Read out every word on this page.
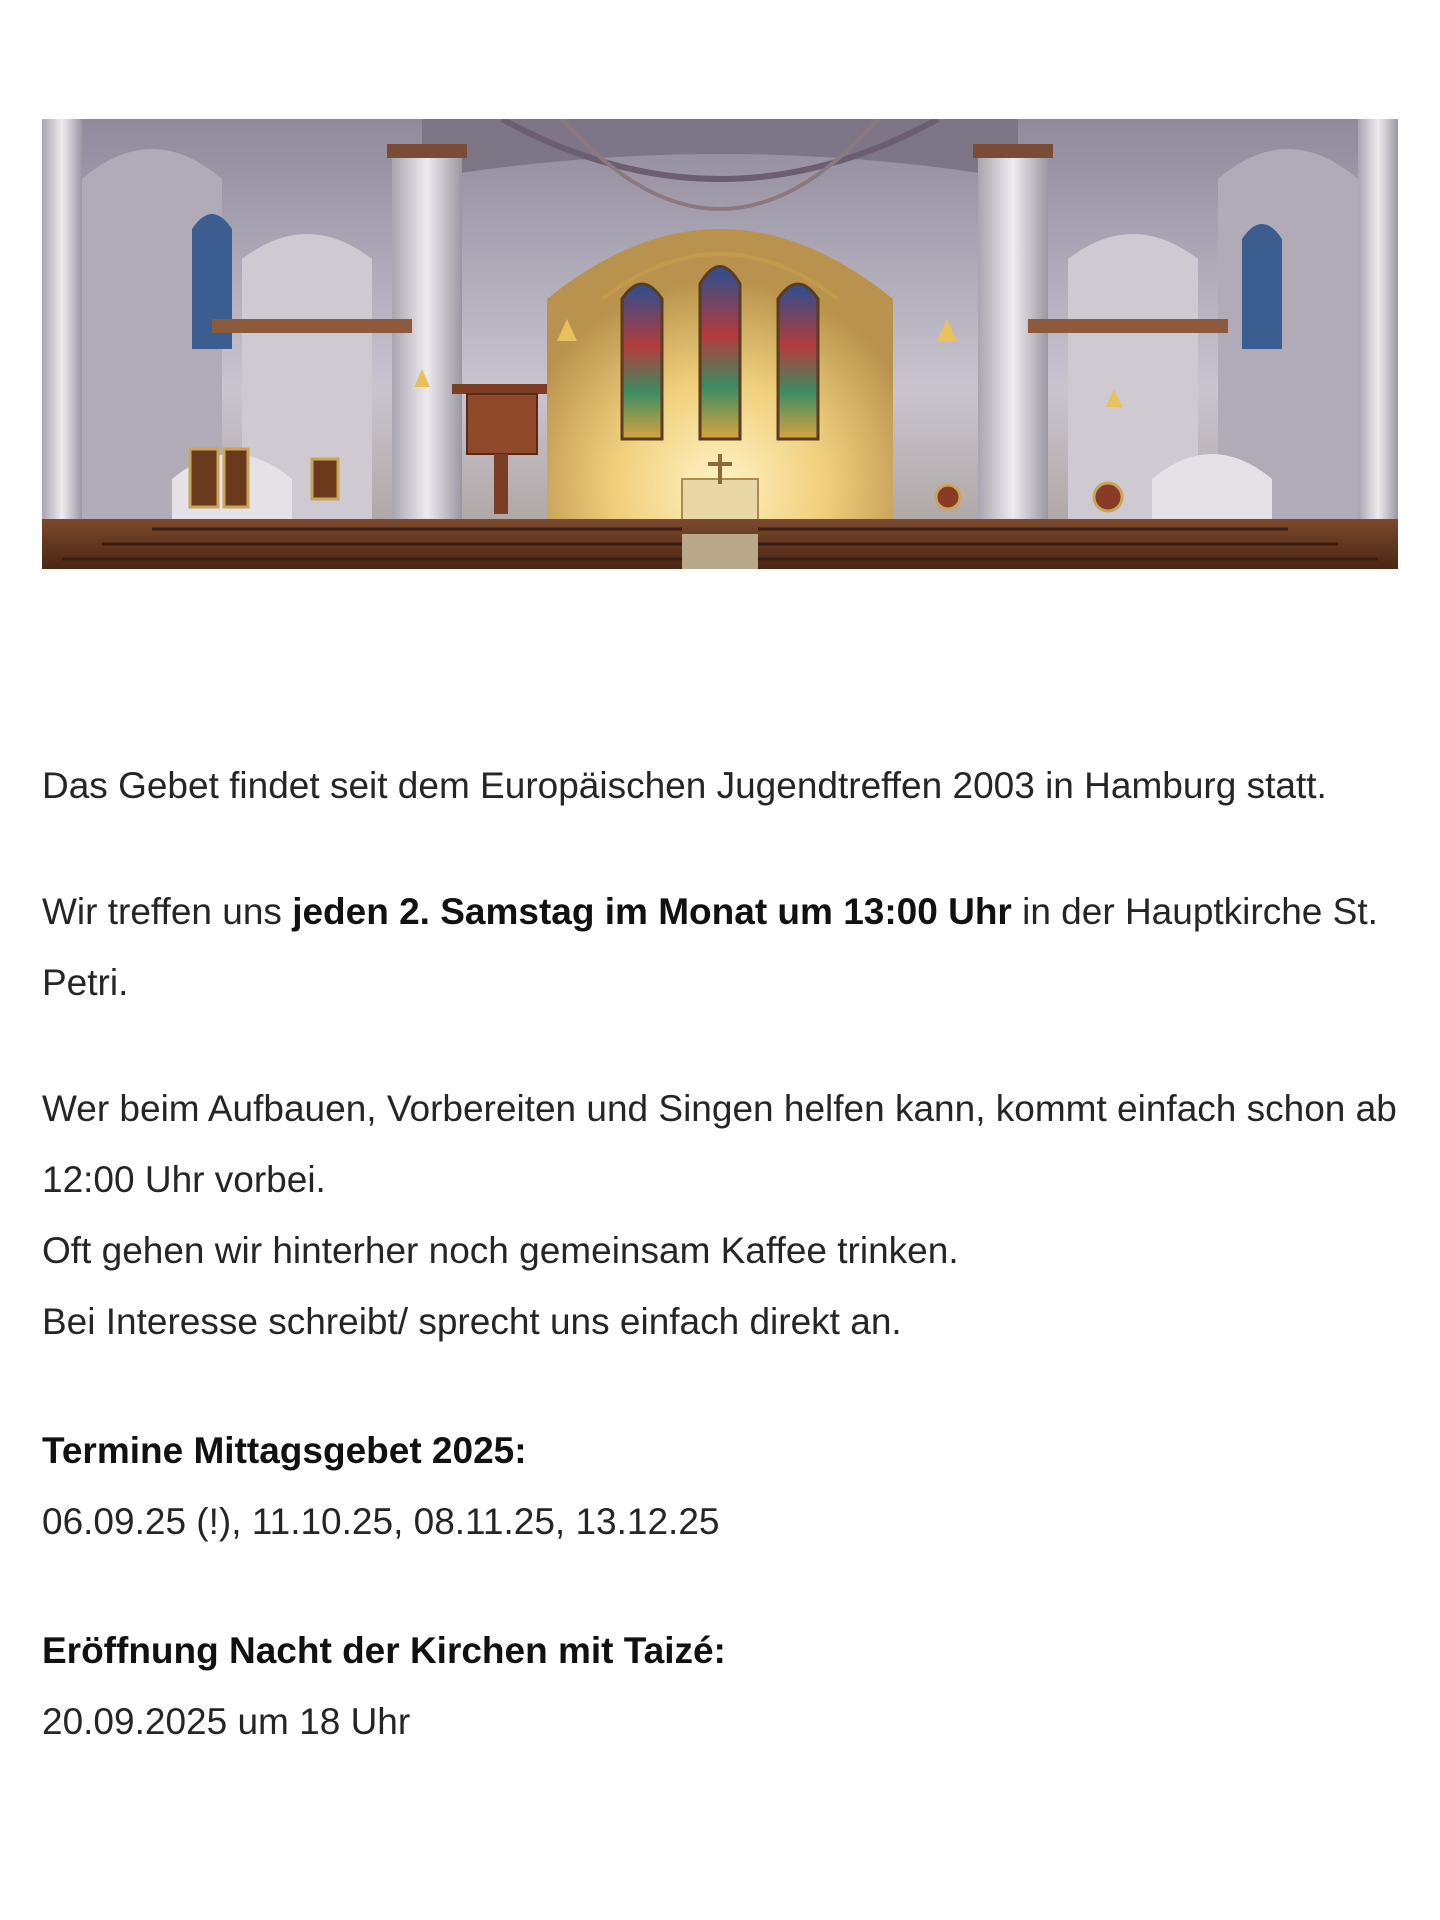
Das Gebet findet seit dem Europäischen Jugendtreffen 2003 in Hamburg statt.

Wir treffen uns jeden 2. Samstag im Monat um 13:00 Uhr in der Hauptkirche St. Petri.

Wer beim Aufbauen, Vorbereiten und Singen helfen kann, kommt einfach schon ab 12:00 Uhr vorbei.

Oft gehen wir hinterher noch gemeinsam Kaffee trinken.

Bei Interesse schreibt/ sprecht uns einfach direkt an.

Termine Mittagsgebet 2025:

06.09.25 (!), 11.10.25, 08.11.25, 13.12.25

Eröffnung Nacht der Kirchen mit Taizé:

20.09.2025 um 18 Uhr
